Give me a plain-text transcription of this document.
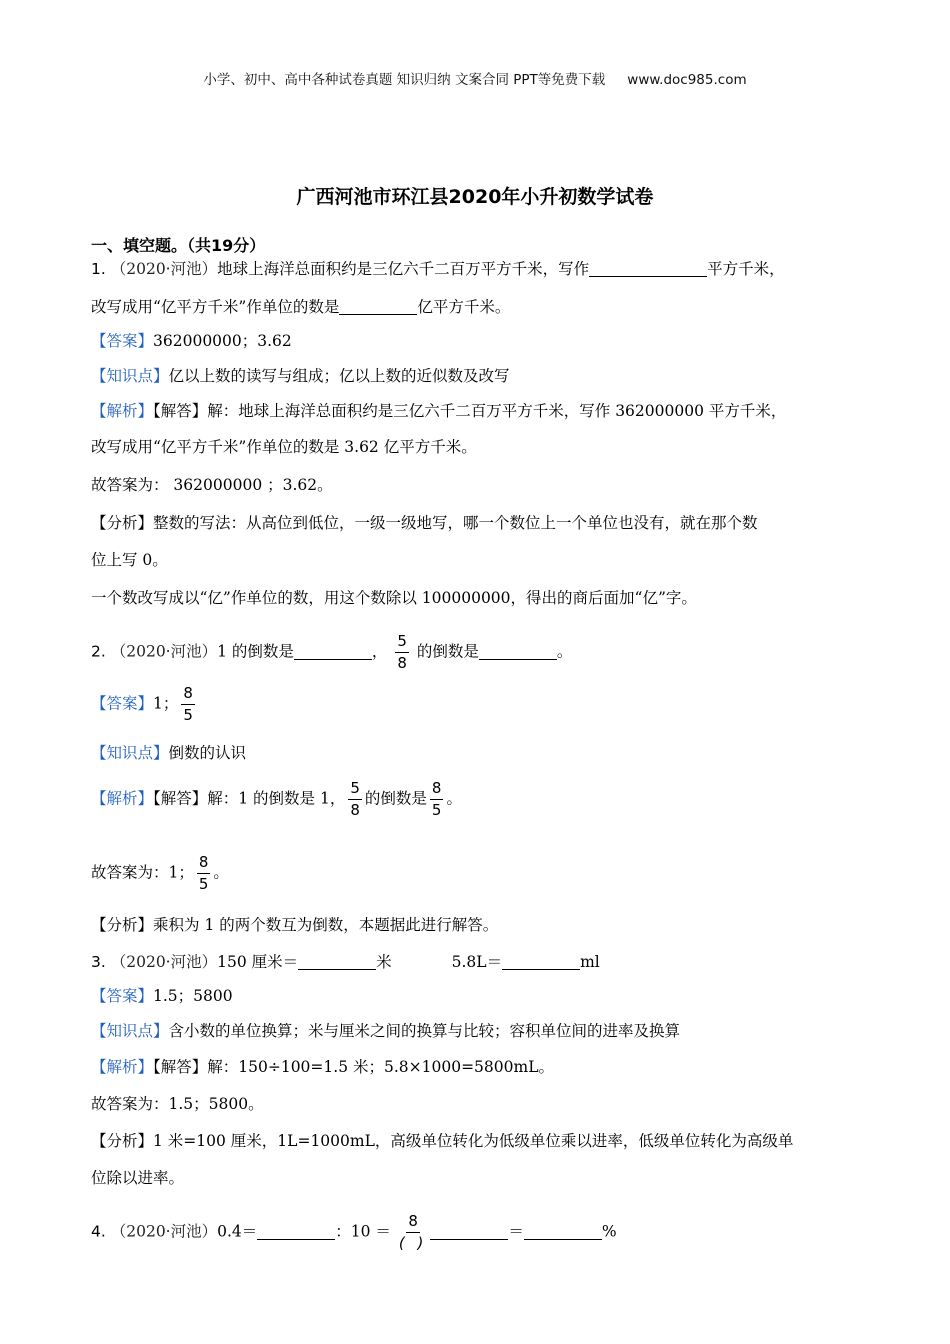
小学、初中、高中各种试卷真题 知识归纳 文案合同 PPT等免费下载 www.doc985.com
广西河池市环江县2020年小升初数学试卷
一、填空题。（共19分）
1. （2020·河池）地球上海洋总面积约是三亿六千二百万平方千米，写作	平方千米，
改写成用“亿平方千米”作单位的数是	亿平方千米。
【答案】362000000；3.62
【知识点】亿以上数的读写与组成；亿以上数的近似数及改写
【解析】【解答】解：地球上海洋总面积约是三亿六千二百万平方千米，写作 362000000 平方千米，
改写成用“亿平方千米”作单位的数是 3.62 亿平方千米。
故答案为： 362000000 ；3.62。
【分析】整数的写法：从高位到低位，一级一级地写，哪一个数位上一个单位也没有，就在那个数
位上写 0。
一个数改写成以“亿”作单位的数，用这个数除以 100000000，得出的商后面加“亿”字。
2. （2020·河池）1 的倒数是	， $\frac{5}{8}$ 的倒数是	。
【答案】1； $\frac{8}{5}$
【知识点】倒数的认识
【解析】【解答】解：1 的倒数是 1， $\frac{5}{8}$ 的倒数是 $\frac{8}{5}$ 。
故答案为：1； $\frac{8}{5}$ 。
【分析】乘积为 1 的两个数互为倒数，本题据此进行解答。
3. （2020·河池）150 厘米＝	米	5.8L＝	ml
【答案】1.5；5800
【知识点】含小数的单位换算；米与厘米之间的换算与比较；容积单位间的进率及换算
【解析】【解答】解：150÷100=1.5 米；5.8×1000=5800mL。
故答案为：1.5；5800。
【分析】1 米=100 厘米，1L=1000mL，高级单位转化为低级单位乘以进率，低级单位转化为高级单
位除以进率。
4. （2020·河池）0.4＝	：$10 = \frac{8}{( )}$	＝	%
